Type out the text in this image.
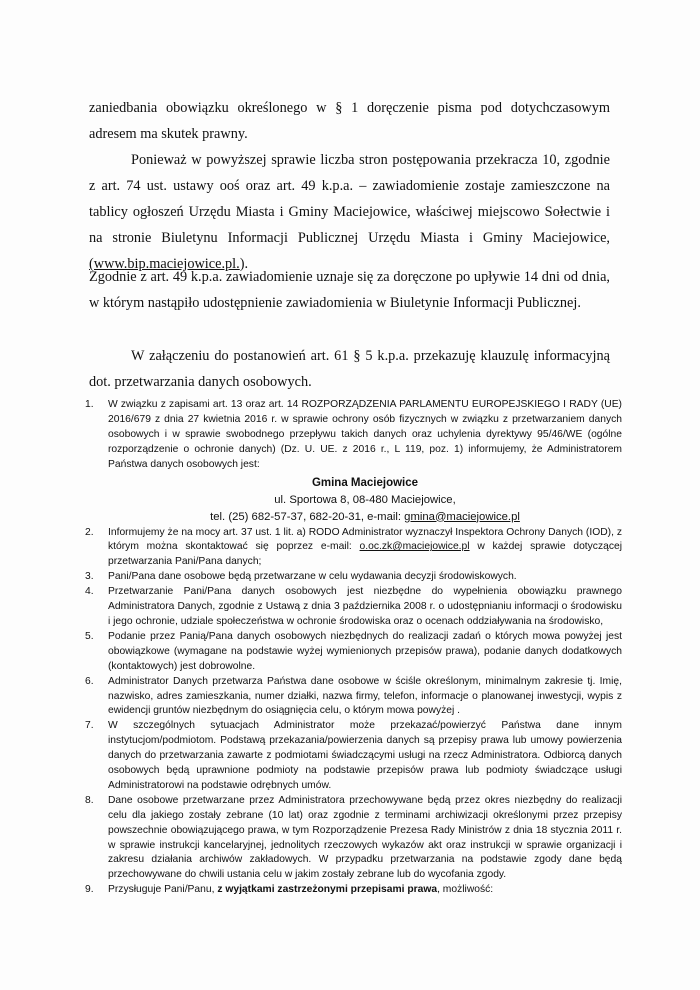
zaniedbania obowiązku określonego w § 1 doręczenie pisma pod dotychczasowym adresem ma skutek prawny.
Ponieważ w powyższej sprawie liczba stron postępowania przekracza 10, zgodnie z art. 74 ust. ustawy ooś oraz art. 49 k.p.a. – zawiadomienie zostaje zamieszczone na tablicy ogłoszeń Urzędu Miasta i Gminy Maciejowice, właściwej miejscowo Sołectwie i na stronie Biuletynu Informacji Publicznej Urzędu Miasta i Gminy Maciejowice, (www.bip.maciejowice.pl.).
Zgodnie z art. 49 k.p.a. zawiadomienie uznaje się za doręczone po upływie 14 dni od dnia, w którym nastąpiło udostępnienie zawiadomienia w Biuletynie Informacji Publicznej.
W załączeniu do postanowień art. 61 § 5 k.p.a. przekazuję klauzulę informacyjną dot. przetwarzania danych osobowych.
1. W związku z zapisami art. 13 oraz art. 14 ROZPORZĄDZENIA PARLAMENTU EUROPEJSKIEGO I RADY (UE) 2016/679 z dnia 27 kwietnia 2016 r. w sprawie ochrony osób fizycznych w związku z przetwarzaniem danych osobowych i w sprawie swobodnego przepływu takich danych oraz uchylenia dyrektywy 95/46/WE (ogólne rozporządzenie o ochronie danych) (Dz. U. UE. z 2016 r., L 119, poz. 1) informujemy, że Administratorem Państwa danych osobowych jest:
Gmina Maciejowice
ul. Sportowa 8, 08-480 Maciejowice,
tel. (25) 682-57-37, 682-20-31, e-mail: gmina@maciejowice.pl
2. Informujemy że na mocy art. 37 ust. 1 lit. a) RODO Administrator wyznaczył Inspektora Ochrony Danych (IOD), z którym można skontaktować się poprzez e-mail: o.oc.zk@maciejowice.pl w każdej sprawie dotyczącej przetwarzania Pani/Pana danych;
3. Pani/Pana dane osobowe będą przetwarzane w celu wydawania decyzji środowiskowych.
4. Przetwarzanie Pani/Pana danych osobowych jest niezbędne do wypełnienia obowiązku prawnego Administratora Danych, zgodnie z Ustawą z dnia 3 października 2008 r. o udostępnianiu informacji o środowisku i jego ochronie, udziale społeczeństwa w ochronie środowiska oraz o ocenach oddziaływania na środowisko,
5. Podanie przez Panią/Pana danych osobowych niezbędnych do realizacji zadań o których mowa powyżej jest obowiązkowe (wymagane na podstawie wyżej wymienionych przepisów prawa), podanie danych dodatkowych (kontaktowych) jest dobrowolne.
6. Administrator Danych przetwarza Państwa dane osobowe w ściśle określonym, minimalnym zakresie tj. Imię, nazwisko, adres zamieszkania, numer działki, nazwa firmy, telefon, informacje o planowanej inwestycji, wypis z ewidencji gruntów niezbędnym do osiągnięcia celu, o którym mowa powyżej .
7. W szczególnych sytuacjach Administrator może przekazać/powierzyć Państwa dane innym instytucjom/podmiotom. Podstawą przekazania/powierzenia danych są przepisy prawa lub umowy powierzenia danych do przetwarzania zawarte z podmiotami świadczącymi usługi na rzecz Administratora. Odbiorcą danych osobowych będą uprawnione podmioty na podstawie przepisów prawa lub podmioty świadczące usługi Administratorowi na podstawie odrębnych umów.
8. Dane osobowe przetwarzane przez Administratora przechowywane będą przez okres niezbędny do realizacji celu dla jakiego zostały zebrane (10 lat) oraz zgodnie z terminami archiwizacji określonymi przez przepisy powszechnie obowiązującego prawa, w tym Rozporządzenie Prezesa Rady Ministrów z dnia 18 stycznia 2011 r. w sprawie instrukcji kancelaryjnej, jednolitych rzeczowych wykazów akt oraz instrukcji w sprawie organizacji i zakresu działania archiwów zakładowych. W przypadku przetwarzania na podstawie zgody dane będą przechowywane do chwili ustania celu w jakim zostały zebrane lub do wycofania zgody.
9. Przysługuje Pani/Panu, z wyjątkami zastrzeżonymi przepisami prawa, możliwość:
